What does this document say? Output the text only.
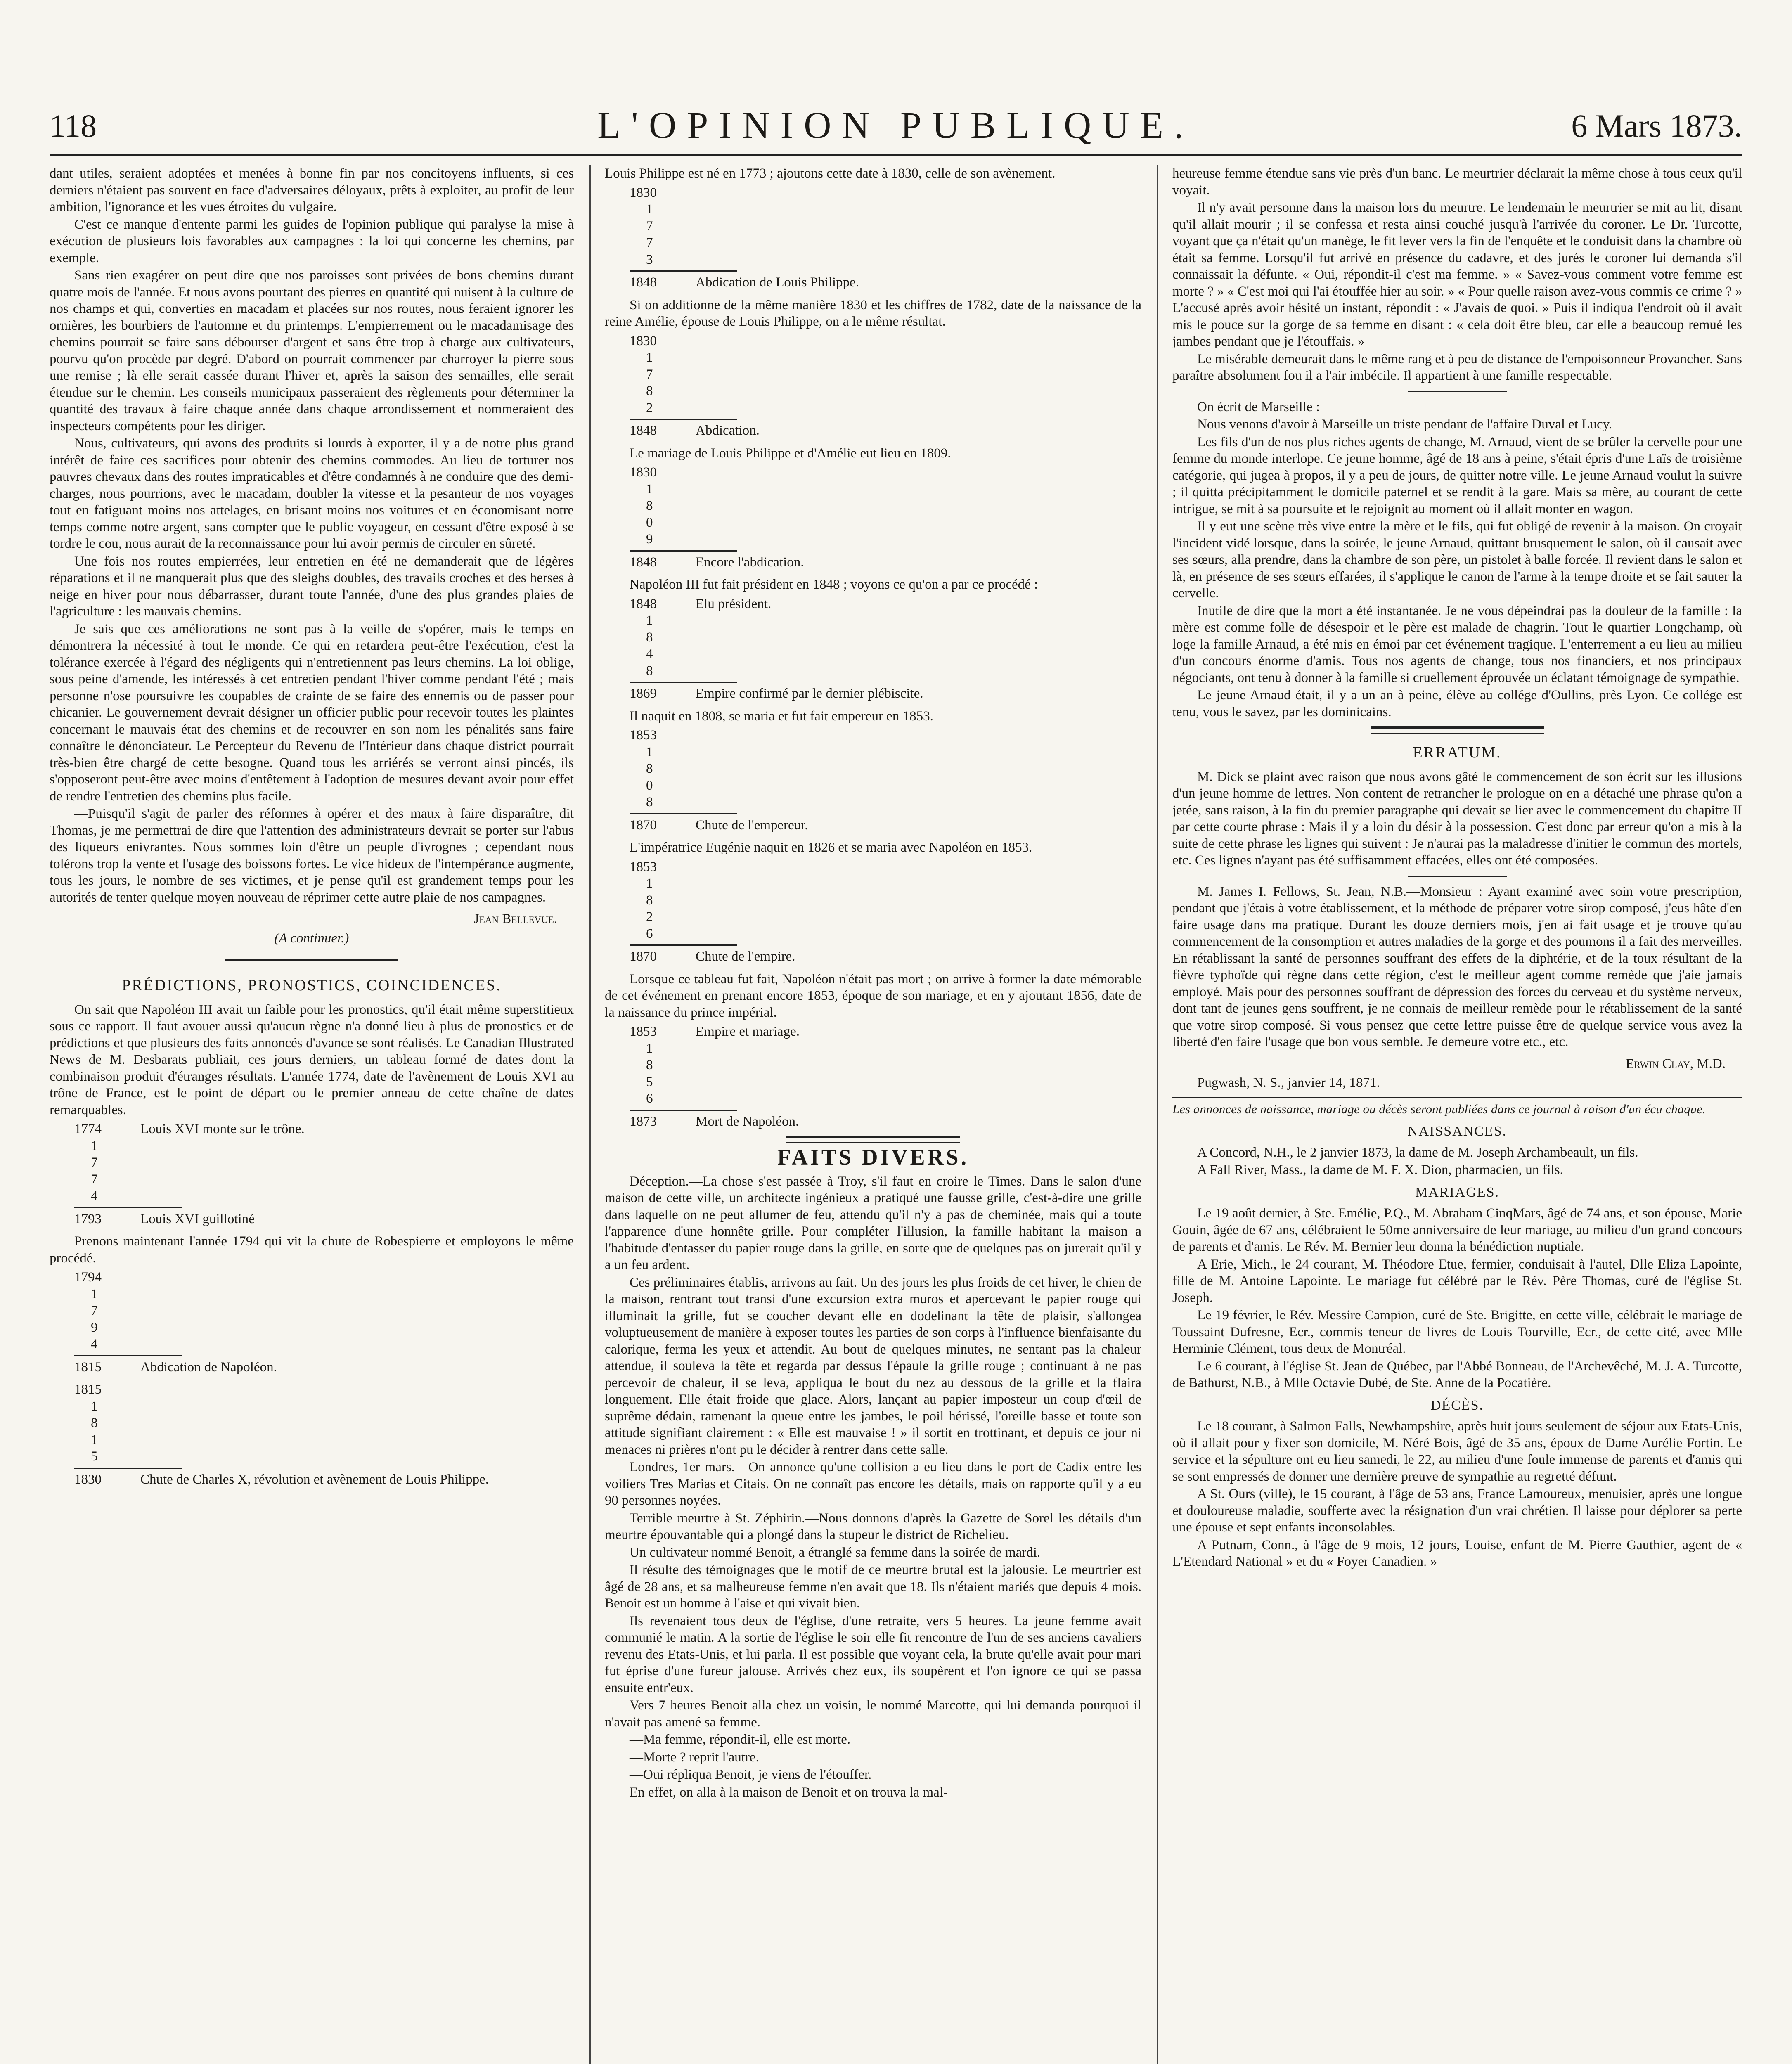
L'OPINION PUBLIQUE.
118	6 Mars 1873.

dant utiles, seraient adoptées et menées à bonne fin par nos concitoyens influents, si ces derniers n'étaient pas souvent en face d'adversaires déloyaux, prêts à exploiter, au profit de leur ambition, l'ignorance et les vues étroites du vulgaire.

C'est ce manque d'entente parmi les guides de l'opinion publique qui paralyse la mise à exécution de plusieurs lois favorables aux campagnes : la loi qui concerne les chemins, par exemple.

Sans rien exagérer on peut dire que nos paroisses sont privées de bons chemins durant quatre mois de l'année. Et nous avons pourtant des pierres en quantité qui nuisent à la culture de nos champs et qui, converties en macadam et placées sur nos routes, nous feraient ignorer les ornières, les bourbiers de l'automne et du printemps. L'empierrement ou le macadamisage des chemins pourrait se faire sans débourser d'argent et sans être trop à charge aux cultivateurs, pourvu qu'on procède par degré. D'abord on pourrait commencer par charroyer la pierre sous une remise ; là elle serait cassée durant l'hiver et, après la saison des semailles, elle serait étendue sur le chemin. Les conseils municipaux passeraient des règlements pour déterminer la quantité des travaux à faire chaque année dans chaque arrondissement et nommeraient des inspecteurs compétents pour les diriger.

Nous, cultivateurs, qui avons des produits si lourds à exporter, il y a de notre plus grand intérêt de faire ces sacrifices pour obtenir des chemins commodes. Au lieu de torturer nos pauvres chevaux dans des routes impraticables et d'être condamnés à ne conduire que des demi-charges, nous pourrions, avec le macadam, doubler la vitesse et la pesanteur de nos voyages tout en fatiguant moins nos attelages, en brisant moins nos voitures et en économisant notre temps comme notre argent, sans compter que le public voyageur, en cessant d'être exposé à se tordre le cou, nous aurait de la reconnaissance pour lui avoir permis de circuler en sûreté.

Une fois nos routes empierrées, leur entretien en été ne demanderait que de légères réparations et il ne manquerait plus que des sleighs doubles, des travails croches et des herses à neige en hiver pour nous débarrasser, durant toute l'année, d'une des plus grandes plaies de l'agriculture : les mauvais chemins.

Je sais que ces améliorations ne sont pas à la veille de s'opérer, mais le temps en démontrera la nécessité à tout le monde. Ce qui en retardera peut-être l'exécution, c'est la tolérance exercée à l'égard des négligents qui n'entretiennent pas leurs chemins. La loi oblige, sous peine d'amende, les intéressés à cet entretien pendant l'hiver comme pendant l'été ; mais personne n'ose poursuivre les coupables de crainte de se faire des ennemis ou de passer pour chicanier. Le gouvernement devrait désigner un officier public pour recevoir toutes les plaintes concernant le mauvais état des chemins et de recouvrer en son nom les pénalités sans faire connaître le dénonciateur. Le Percepteur du Revenu de l'Intérieur dans chaque district pourrait très-bien être chargé de cette besogne. Quand tous les arriérés se verront ainsi pincés, ils s'opposeront peut-être avec moins d'entêtement à l'adoption de mesures devant avoir pour effet de rendre l'entretien des chemins plus facile.

—Puisqu'il s'agit de parler des réformes à opérer et des maux à faire disparaître, dit Thomas, je me permettrai de dire que l'attention des administrateurs devrait se porter sur l'abus des liqueurs enivrantes. Nous sommes loin d'être un peuple d'ivrognes ; cependant nous tolérons trop la vente et l'usage des boissons fortes. Le vice hideux de l'intempérance augmente, tous les jours, le nombre de ses victimes, et je pense qu'il est grandement temps pour les autorités de tenter quelque moyen nouveau de réprimer cette autre plaie de nos campagnes.

Jean Bellevue.
(A continuer.)
PRÉDICTIONS, PRONOSTICS, COINCIDENCES.

On sait que Napoléon III avait un faible pour les pronostics, qu'il était même superstitieux sous ce rapport. Il faut avouer aussi qu'aucun règne n'a donné lieu à plus de pronostics et de prédictions et que plusieurs des faits annoncés d'avance se sont réalisés. Le Canadian Illustrated News de M. Desbarats publiait, ces jours derniers, un tableau formé de dates dont la combinaison produit d'étranges résultats. L'année 1774, date de l'avènement de Louis XVI au trône de France, est le point de départ ou le premier anneau de cette chaîne de dates remarquables.

1774	Louis XVI monte sur le trône.
1
7
7
4
1793	Louis XVI guillotiné

Prenons maintenant l'année 1794 qui vit la chute de Robespierre et employons le même procédé.

1794
1
7
9
4
1815	Abdication de Napoléon.
1815
1
8
1
5
1830	Chute de Charles X, révolution et avènement de Louis Philippe.

Louis Philippe est né en 1773 ; ajoutons cette date à 1830, celle de son avènement.

1830
1
7
7
3
1848	Abdication de Louis Philippe.

Si on additionne de la même manière 1830 et les chiffres de 1782, date de la naissance de la reine Amélie, épouse de Louis Philippe, on a le même résultat.

1830
1
7
8
2
1848	Abdication.

Le mariage de Louis Philippe et d'Amélie eut lieu en 1809.

1830
1
8
0
9
1848	Encore l'abdication.

Napoléon III fut fait président en 1848 ; voyons ce qu'on a par ce procédé :

1848	Elu président.
1
8
4
8
1869	Empire confirmé par le dernier plébiscite.

Il naquit en 1808, se maria et fut fait empereur en 1853.

1853
1
8
0
8
1870	Chute de l'empereur.

L'impératrice Eugénie naquit en 1826 et se maria avec Napoléon en 1853.

1853
1
8
2
6
1870	Chute de l'empire.

Lorsque ce tableau fut fait, Napoléon n'était pas mort ; on arrive à former la date mémorable de cet événement en prenant encore 1853, époque de son mariage, et en y ajoutant 1856, date de la naissance du prince impérial.

1853	Empire et mariage.
1
8
5
6
1873	Mort de Napoléon.
FAITS DIVERS.

Déception.—La chose s'est passée à Troy, s'il faut en croire le Times. Dans le salon d'une maison de cette ville, un architecte ingénieux a pratiqué une fausse grille, c'est-à-dire une grille dans laquelle on ne peut allumer de feu, attendu qu'il n'y a pas de cheminée, mais qui a toute l'apparence d'une honnête grille. Pour compléter l'illusion, la famille habitant la maison a l'habitude d'entasser du papier rouge dans la grille, en sorte que de quelques pas on jurerait qu'il y a un feu ardent.

Ces préliminaires établis, arrivons au fait. Un des jours les plus froids de cet hiver, le chien de la maison, rentrant tout transi d'une excursion extra muros et apercevant le papier rouge qui illuminait la grille, fut se coucher devant elle en dodelinant la tête de plaisir, s'allongea voluptueusement de manière à exposer toutes les parties de son corps à l'influence bienfaisante du calorique, ferma les yeux et attendit. Au bout de quelques minutes, ne sentant pas la chaleur attendue, il souleva la tête et regarda par dessus l'épaule la grille rouge ; continuant à ne pas percevoir de chaleur, il se leva, appliqua le bout du nez au dessous de la grille et la flaira longuement. Elle était froide que glace. Alors, lançant au papier imposteur un coup d'œil de suprême dédain, ramenant la queue entre les jambes, le poil hérissé, l'oreille basse et toute son attitude signifiant clairement : « Elle est mauvaise ! » il sortit en trottinant, et depuis ce jour ni menaces ni prières n'ont pu le décider à rentrer dans cette salle.

Londres, 1er mars.—On annonce qu'une collision a eu lieu dans le port de Cadix entre les voiliers Tres Marias et Citais. On ne connaît pas encore les détails, mais on rapporte qu'il y a eu 90 personnes noyées.

Terrible meurtre à St. Zéphirin.—Nous donnons d'après la Gazette de Sorel les détails d'un meurtre épouvantable qui a plongé dans la stupeur le district de Richelieu.

Un cultivateur nommé Benoit, a étranglé sa femme dans la soirée de mardi.

Il résulte des témoignages que le motif de ce meurtre brutal est la jalousie. Le meurtrier est âgé de 28 ans, et sa malheureuse femme n'en avait que 18. Ils n'étaient mariés que depuis 4 mois. Benoit est un homme à l'aise et qui vivait bien.

Ils revenaient tous deux de l'église, d'une retraite, vers 5 heures. La jeune femme avait communié le matin. A la sortie de l'église le soir elle fit rencontre de l'un de ses anciens cavaliers revenu des Etats-Unis, et lui parla. Il est possible que voyant cela, la brute qu'elle avait pour mari fut éprise d'une fureur jalouse. Arrivés chez eux, ils soupèrent et l'on ignore ce qui se passa ensuite entr'eux.

Vers 7 heures Benoit alla chez un voisin, le nommé Marcotte, qui lui demanda pourquoi il n'avait pas amené sa femme.

—Ma femme, répondit-il, elle est morte.

—Morte ? reprit l'autre.

—Oui répliqua Benoit, je viens de l'étouffer.

En effet, on alla à la maison de Benoit et on trouva la mal-

heureuse femme étendue sans vie près d'un banc. Le meurtrier déclarait la même chose à tous ceux qu'il voyait.

Il n'y avait personne dans la maison lors du meurtre. Le lendemain le meurtrier se mit au lit, disant qu'il allait mourir ; il se confessa et resta ainsi couché jusqu'à l'arrivée du coroner. Le Dr. Turcotte, voyant que ça n'était qu'un manège, le fit lever vers la fin de l'enquête et le conduisit dans la chambre où était sa femme. Lorsqu'il fut arrivé en présence du cadavre, et des jurés le coroner lui demanda s'il connaissait la défunte. « Oui, répondit-il c'est ma femme. » « Savez-vous comment votre femme est morte ? » « C'est moi qui l'ai étouffée hier au soir. » « Pour quelle raison avez-vous commis ce crime ? » L'accusé après avoir hésité un instant, répondit : « J'avais de quoi. » Puis il indiqua l'endroit où il avait mis le pouce sur la gorge de sa femme en disant : « cela doit être bleu, car elle a beaucoup remué les jambes pendant que je l'étouffais. »

Le misérable demeurait dans le même rang et à peu de distance de l'empoisonneur Provancher. Sans paraître absolument fou il a l'air imbécile. Il appartient à une famille respectable.

On écrit de Marseille :

Nous venons d'avoir à Marseille un triste pendant de l'affaire Duval et Lucy.

Les fils d'un de nos plus riches agents de change, M. Arnaud, vient de se brûler la cervelle pour une femme du monde interlope. Ce jeune homme, âgé de 18 ans à peine, s'était épris d'une Laïs de troisième catégorie, qui jugea à propos, il y a peu de jours, de quitter notre ville. Le jeune Arnaud voulut la suivre ; il quitta précipitamment le domicile paternel et se rendit à la gare. Mais sa mère, au courant de cette intrigue, se mit à sa poursuite et le rejoignit au moment où il allait monter en wagon.

Il y eut une scène très vive entre la mère et le fils, qui fut obligé de revenir à la maison. On croyait l'incident vidé lorsque, dans la soirée, le jeune Arnaud, quittant brusquement le salon, où il causait avec ses sœurs, alla prendre, dans la chambre de son père, un pistolet à balle forcée. Il revient dans le salon et là, en présence de ses sœurs effarées, il s'applique le canon de l'arme à la tempe droite et se fait sauter la cervelle.

Inutile de dire que la mort a été instantanée. Je ne vous dépeindrai pas la douleur de la famille : la mère est comme folle de désespoir et le père est malade de chagrin. Tout le quartier Longchamp, où loge la famille Arnaud, a été mis en émoi par cet événement tragique. L'enterrement a eu lieu au milieu d'un concours énorme d'amis. Tous nos agents de change, tous nos financiers, et nos principaux négociants, ont tenu à donner à la famille si cruellement éprouvée un éclatant témoignage de sympathie.

Le jeune Arnaud était, il y a un an à peine, élève au collége d'Oullins, près Lyon. Ce collége est tenu, vous le savez, par les dominicains.

ERRATUM.

M. Dick se plaint avec raison que nous avons gâté le commencement de son écrit sur les illusions d'un jeune homme de lettres. Non content de retrancher le prologue on en a détaché une phrase qu'on a jetée, sans raison, à la fin du premier paragraphe qui devait se lier avec le commencement du chapitre II par cette courte phrase : Mais il y a loin du désir à la possession. C'est donc par erreur qu'on a mis à la suite de cette phrase les lignes qui suivent : Je n'aurai pas la maladresse d'initier le commun des mortels, etc. Ces lignes n'ayant pas été suffisamment effacées, elles ont été composées.

M. James I. Fellows, St. Jean, N.B.—Monsieur : Ayant examiné avec soin votre prescription, pendant que j'étais à votre établissement, et la méthode de préparer votre sirop composé, j'eus hâte d'en faire usage dans ma pratique. Durant les douze derniers mois, j'en ai fait usage et je trouve qu'au commencement de la consomption et autres maladies de la gorge et des poumons il a fait des merveilles. En rétablissant la santé de personnes souffrant des effets de la diphtérie, et de la toux résultant de la fièvre typhoïde qui règne dans cette région, c'est le meilleur agent comme remède que j'aie jamais employé. Mais pour des personnes souffrant de dépression des forces du cerveau et du système nerveux, dont tant de jeunes gens souffrent, je ne connais de meilleur remède pour le rétablissement de la santé que votre sirop composé. Si vous pensez que cette lettre puisse être de quelque service vous avez la liberté d'en faire l'usage que bon vous semble. Je demeure votre etc., etc.

Erwin Clay, M.D.

Pugwash, N. S., janvier 14, 1871.

Les annonces de naissance, mariage ou décès seront publiées dans ce journal à raison d'un écu chaque.
NAISSANCES.

A Concord, N.H., le 2 janvier 1873, la dame de M. Joseph Archambeault, un fils.

A Fall River, Mass., la dame de M. F. X. Dion, pharmacien, un fils.

MARIAGES.

Le 19 août dernier, à Ste. Emélie, P.Q., M. Abraham CinqMars, âgé de 74 ans, et son épouse, Marie Gouin, âgée de 67 ans, célébraient le 50me anniversaire de leur mariage, au milieu d'un grand concours de parents et d'amis. Le Rév. M. Bernier leur donna la bénédiction nuptiale.

A Erie, Mich., le 24 courant, M. Théodore Etue, fermier, conduisait à l'autel, Dlle Eliza Lapointe, fille de M. Antoine Lapointe. Le mariage fut célébré par le Rév. Père Thomas, curé de l'église St. Joseph.

Le 19 février, le Rév. Messire Campion, curé de Ste. Brigitte, en cette ville, célébrait le mariage de Toussaint Dufresne, Ecr., commis teneur de livres de Louis Tourville, Ecr., de cette cité, avec Mlle Herminie Clément, tous deux de Montréal.

Le 6 courant, à l'église St. Jean de Québec, par l'Abbé Bonneau, de l'Archevêché, M. J. A. Turcotte, de Bathurst, N.B., à Mlle Octavie Dubé, de Ste. Anne de la Pocatière.

DÉCÈS.

Le 18 courant, à Salmon Falls, Newhampshire, après huit jours seulement de séjour aux Etats-Unis, où il allait pour y fixer son domicile, M. Néré Bois, âgé de 35 ans, époux de Dame Aurélie Fortin. Le service et la sépulture ont eu lieu samedi, le 22, au milieu d'une foule immense de parents et d'amis qui se sont empressés de donner une dernière preuve de sympathie au regretté défunt.

A St. Ours (ville), le 15 courant, à l'âge de 53 ans, France Lamoureux, menuisier, après une longue et douloureuse maladie, soufferte avec la résignation d'un vrai chrétien. Il laisse pour déplorer sa perte une épouse et sept enfants inconsolables.

A Putnam, Conn., à l'âge de 9 mois, 12 jours, Louise, enfant de M. Pierre Gauthier, agent de « L'Etendard National » et du « Foyer Canadien. »
